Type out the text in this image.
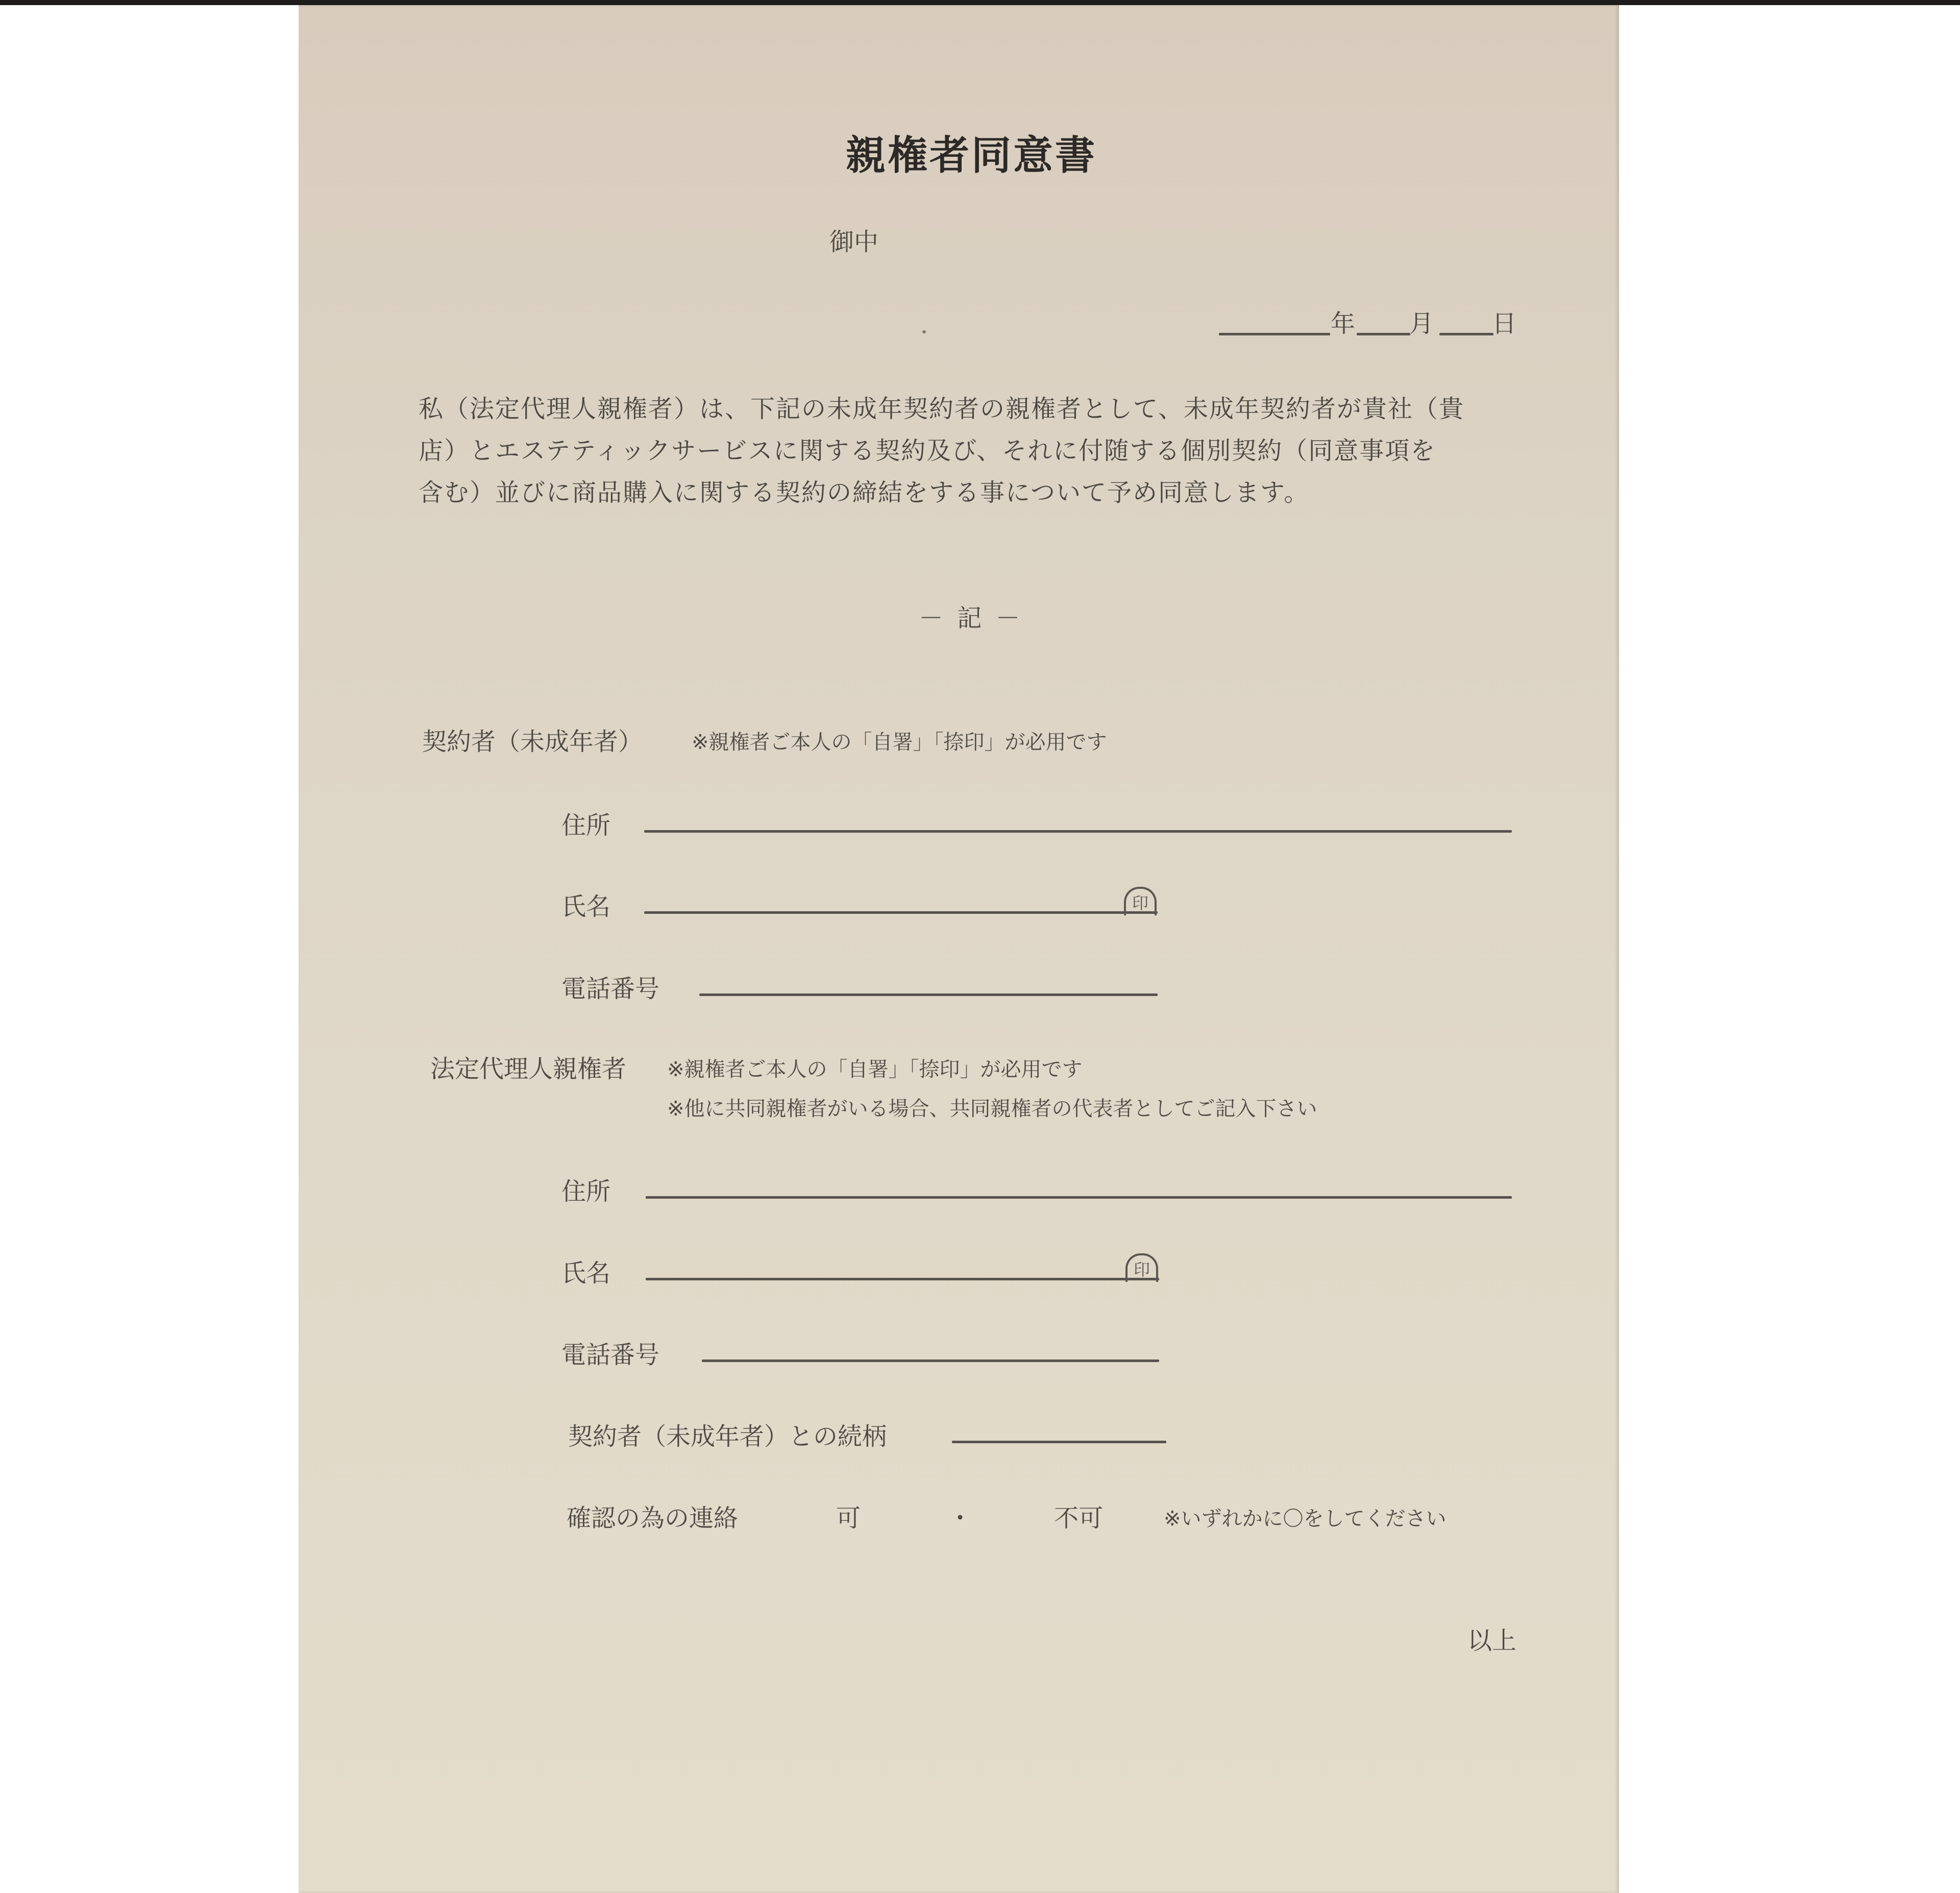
親権者同意書
御中
年 月 日
私（法定代理人親権者）は、下記の未成年契約者の親権者として、未成年契約者が貴社（貴
店）とエステティックサービスに関する契約及び、それに付随する個別契約（同意事項を
含む）並びに商品購入に関する契約の締結をする事について予め同意します。
－ 記 －
契約者（未成年者） ※親権者ご本人の「自署」「捺印」が必用です
住所
氏名	印
電話番号
法定代理人親権者 ※親権者ご本人の「自署」「捺印」が必用です
※他に共同親権者がいる場合、共同親権者の代表者としてご記入下さい
住所
氏名	印
電話番号
契約者（未成年者）との続柄
確認の為の連絡	可	・	不可	※いずれかに〇をしてください
以上
